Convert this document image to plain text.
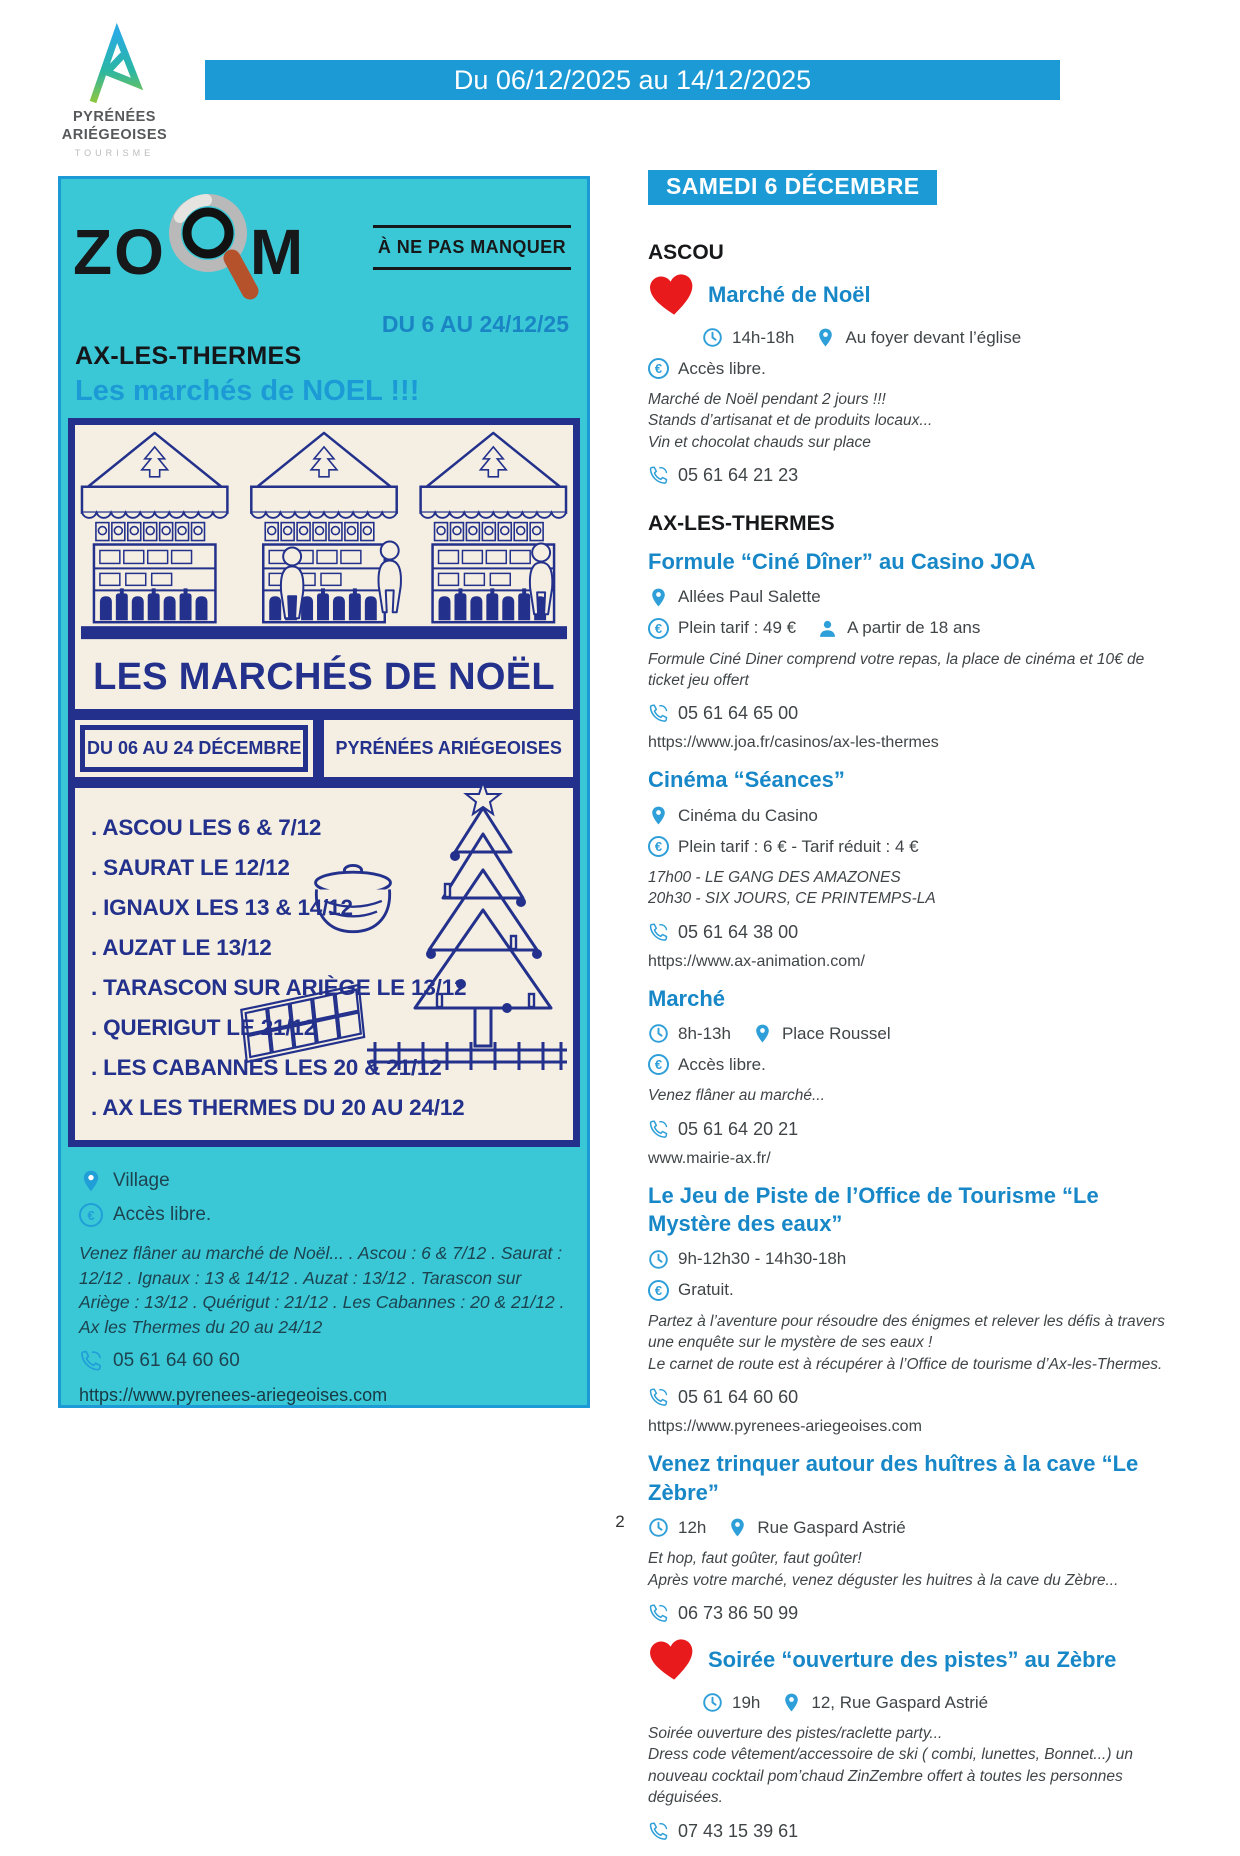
PYRÉNÉES
ARIÉGEOISES
TOURISME
Du 06/12/2025 au 14/12/2025
ZO M	À NE PAS MANQUER
DU 6 AU 24/12/25
AX-LES-THERMES
Les marchés de NOEL !!!
LES MARCHÉS DE NOËL
DU 06 AU 24 DÉCEMBRE	PYRÉNÉES ARIÉGEOISES
. ASCOU LES 6 & 7/12
. SAURAT LE 12/12
. IGNAUX LES 13 & 14/12
. AUZAT LE 13/12
. TARASCON SUR ARIÈGE LE 13/12
. QUERIGUT LE 21/12
. LES CABANNES LES 20 & 21/12
. AX LES THERMES DU 20 AU 24/12
Village
€ Accès libre.
Venez flâner au marché de Noël... . Ascou : 6 & 7/12 . Saurat : 12/12 . Ignaux : 13 & 14/12 . Auzat : 13/12 . Tarascon sur Ariège : 13/12 . Quérigut : 21/12 . Les Cabannes : 20 & 21/12 . Ax les Thermes du 20 au 24/12
05 61 64 60 60
https://www.pyrenees-ariegeoises.com
SAMEDI 6 DÉCEMBRE
ASCOU
Marché de Noël
14h-18h	Au foyer devant l’église
€ Accès libre.
Marché de Noël pendant 2 jours !!!
Stands d’artisanat et de produits locaux...
Vin et chocolat chauds sur place
05 61 64 21 23
AX-LES-THERMES
Formule “Ciné Dîner” au Casino JOA
Allées Paul Salette
€ Plein tarif : 49 €	A partir de 18 ans
Formule Ciné Diner comprend votre repas, la place de cinéma et 10€ de ticket jeu offert
05 61 64 65 00
https://www.joa.fr/casinos/ax-les-thermes
Cinéma “Séances”
Cinéma du Casino
€ Plein tarif : 6 € - Tarif réduit : 4 €
17h00 - LE GANG DES AMAZONES
20h30 - SIX JOURS, CE PRINTEMPS-LA
05 61 64 38 00
https://www.ax-animation.com/
Marché
8h-13h	Place Roussel
€ Accès libre.
Venez flâner au marché...
05 61 64 20 21
www.mairie-ax.fr/
Le Jeu de Piste de l’Office de Tourisme “Le Mystère des eaux”
9h-12h30 - 14h30-18h
€ Gratuit.
Partez à l’aventure pour résoudre des énigmes et relever les défis à travers une enquête sur le mystère de ses eaux !
Le carnet de route est à récupérer à l’Office de tourisme d’Ax-les-Thermes.
05 61 64 60 60
https://www.pyrenees-ariegeoises.com
Venez trinquer autour des huîtres à la cave “Le Zèbre”
12h	Rue Gaspard Astrié
Et hop, faut goûter, faut goûter!
Après votre marché, venez déguster les huitres à la cave du Zèbre...
06 73 86 50 99
Soirée “ouverture des pistes” au Zèbre
19h	12, Rue Gaspard Astrié
Soirée ouverture des pistes/raclette party...
Dress code vêtement/accessoire de ski ( combi, lunettes, Bonnet...) un nouveau cocktail pom’chaud ZinZembre offert à toutes les personnes déguisées.
07 43 15 39 61
2
